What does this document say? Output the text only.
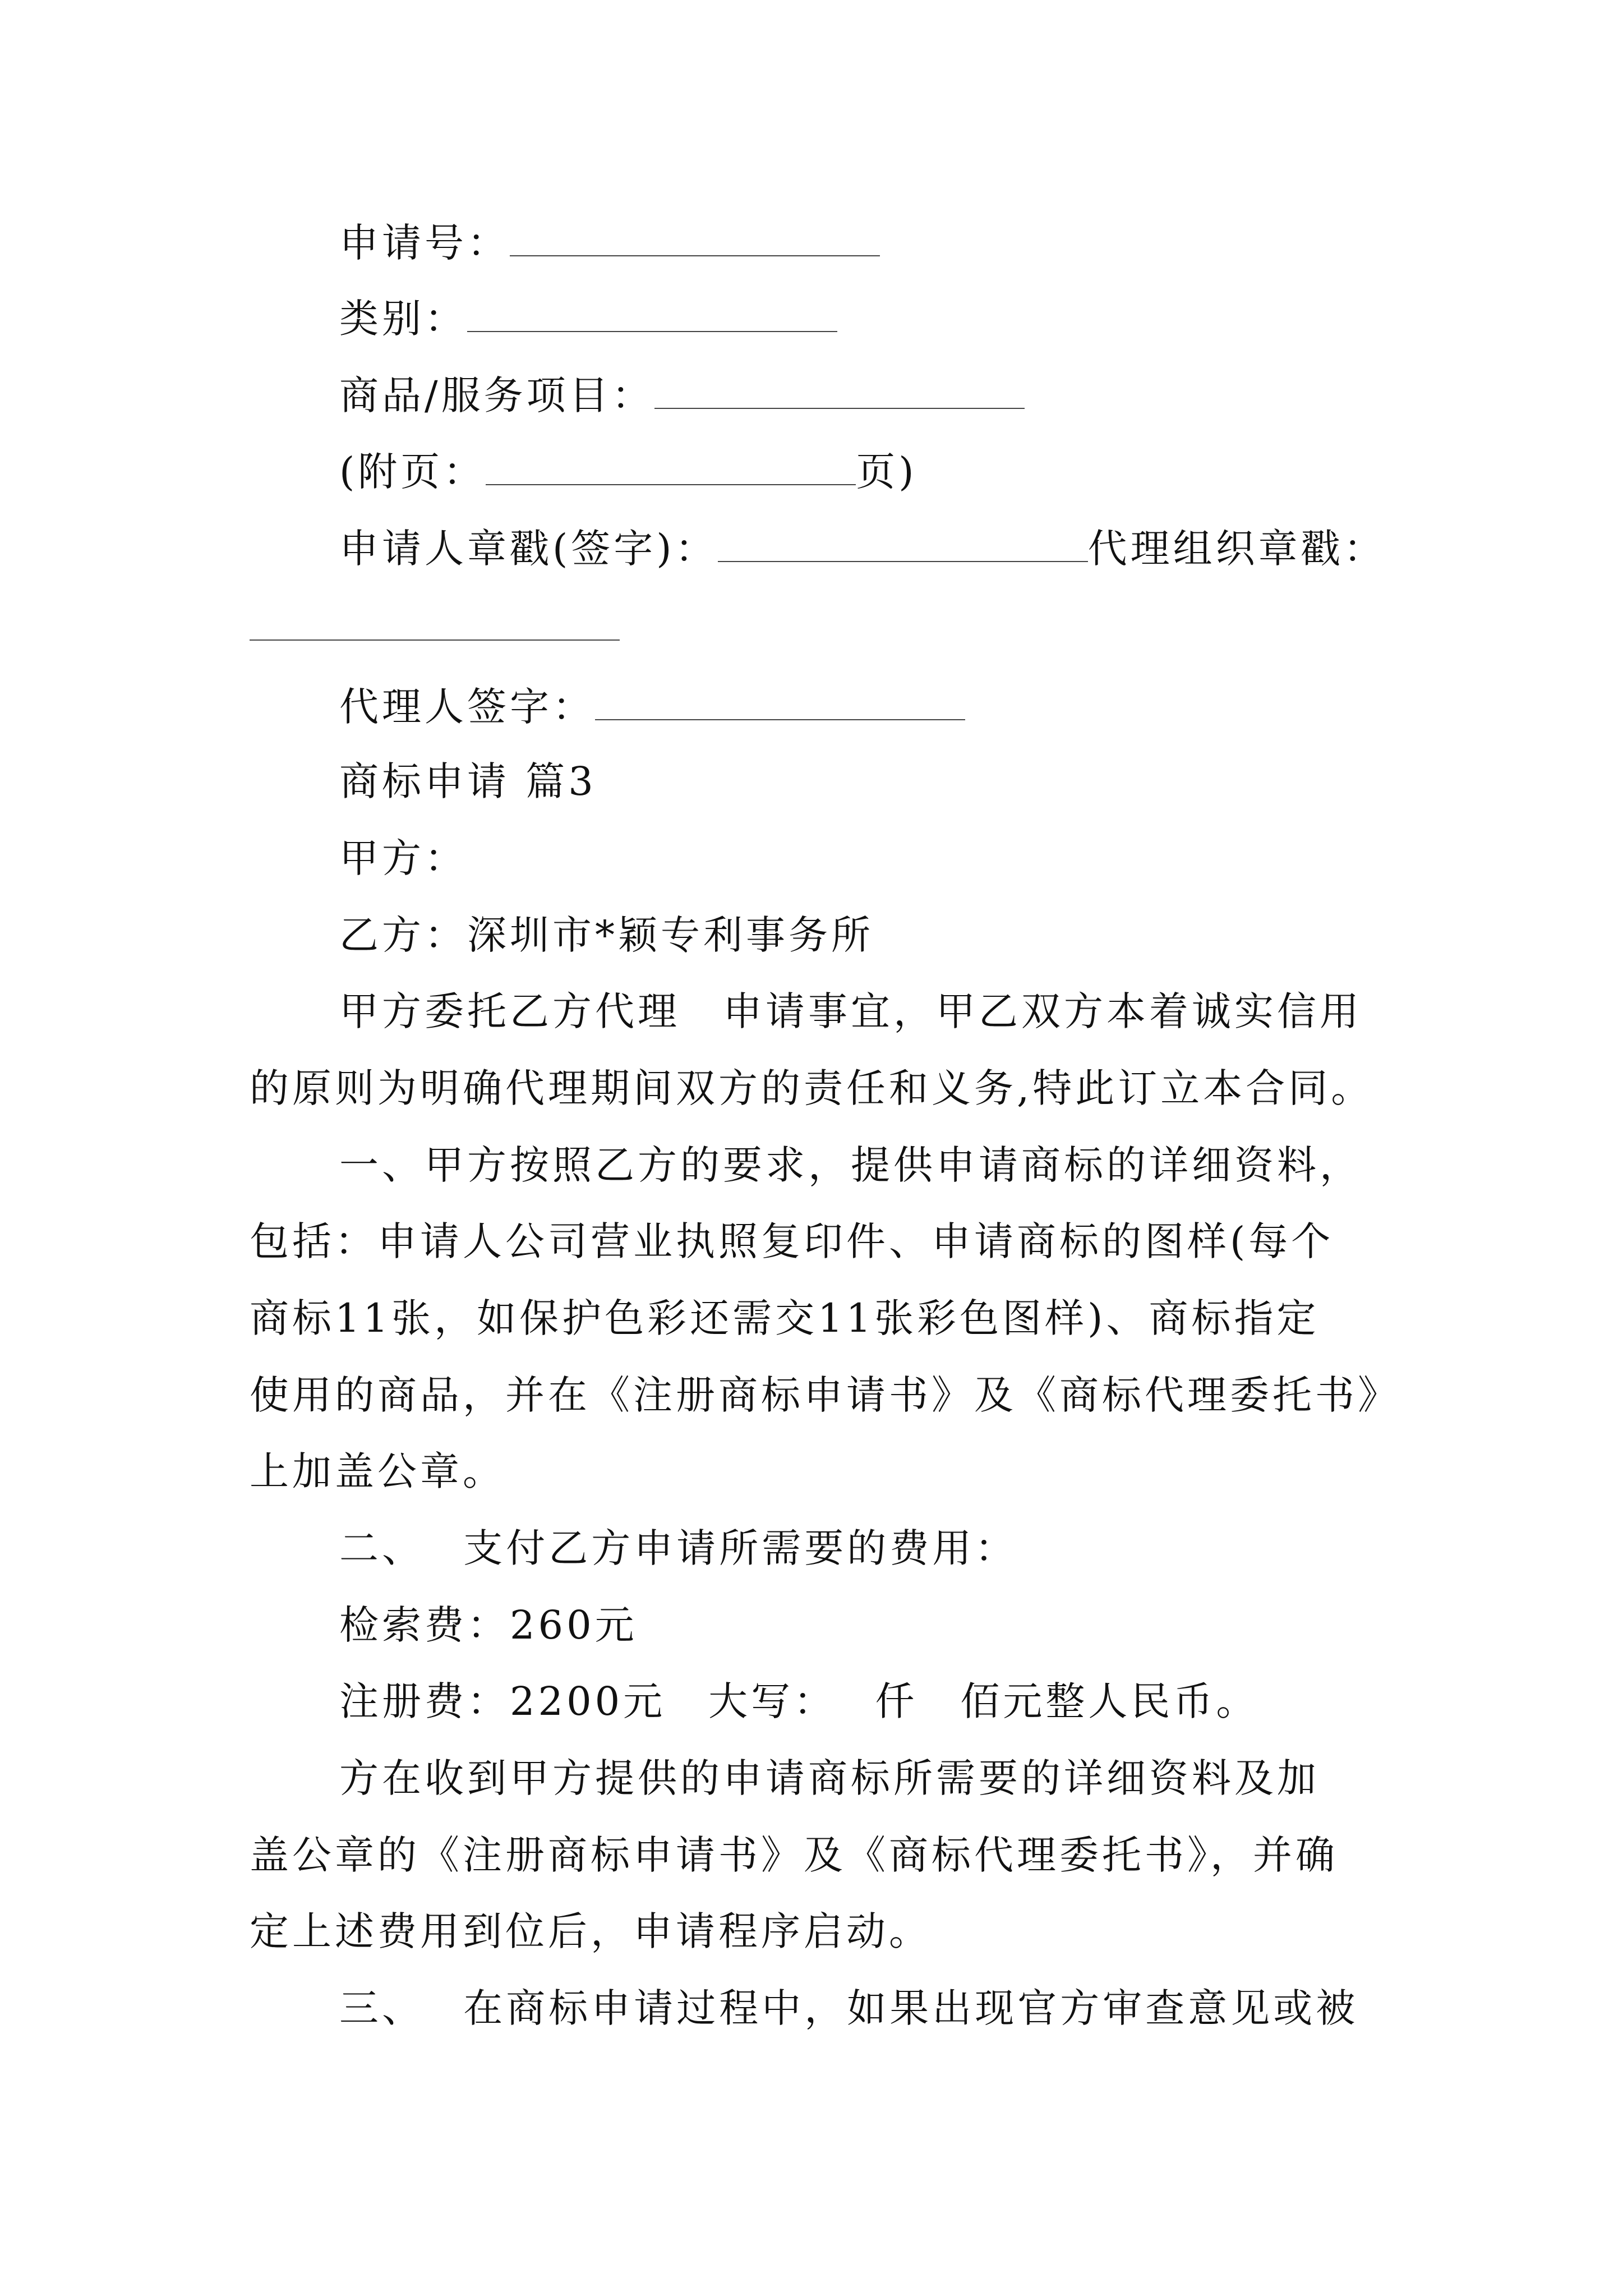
申请号：
类别：
商品/服务项目：
(附页：	页)
申请人章戳(签字)：	代理组织章戳：
代理人签字：
商标申请 篇3
甲方：
乙方：深圳市*颖专利事务所
甲方委托乙方代理　申请事宜，甲乙双方本着诚实信用
的原则为明确代理期间双方的责任和义务,特此订立本合同。
一、甲方按照乙方的要求，提供申请商标的详细资料，
包括：申请人公司营业执照复印件、申请商标的图样(每个
商标11张，如保护色彩还需交11张彩色图样)、商标指定
使用的商品，并在《注册商标申请书》及《商标代理委托书》
上加盖公章。
二、　 支付乙方申请所需要的费用：
检索费：260元
注册费：2200元　大写：　 仟　佰元整人民币。
方在收到甲方提供的申请商标所需要的详细资料及加
盖公章的《注册商标申请书》及《商标代理委托书》，并确
定上述费用到位后，申请程序启动。
三、　 在商标申请过程中，如果出现官方审查意见或被
